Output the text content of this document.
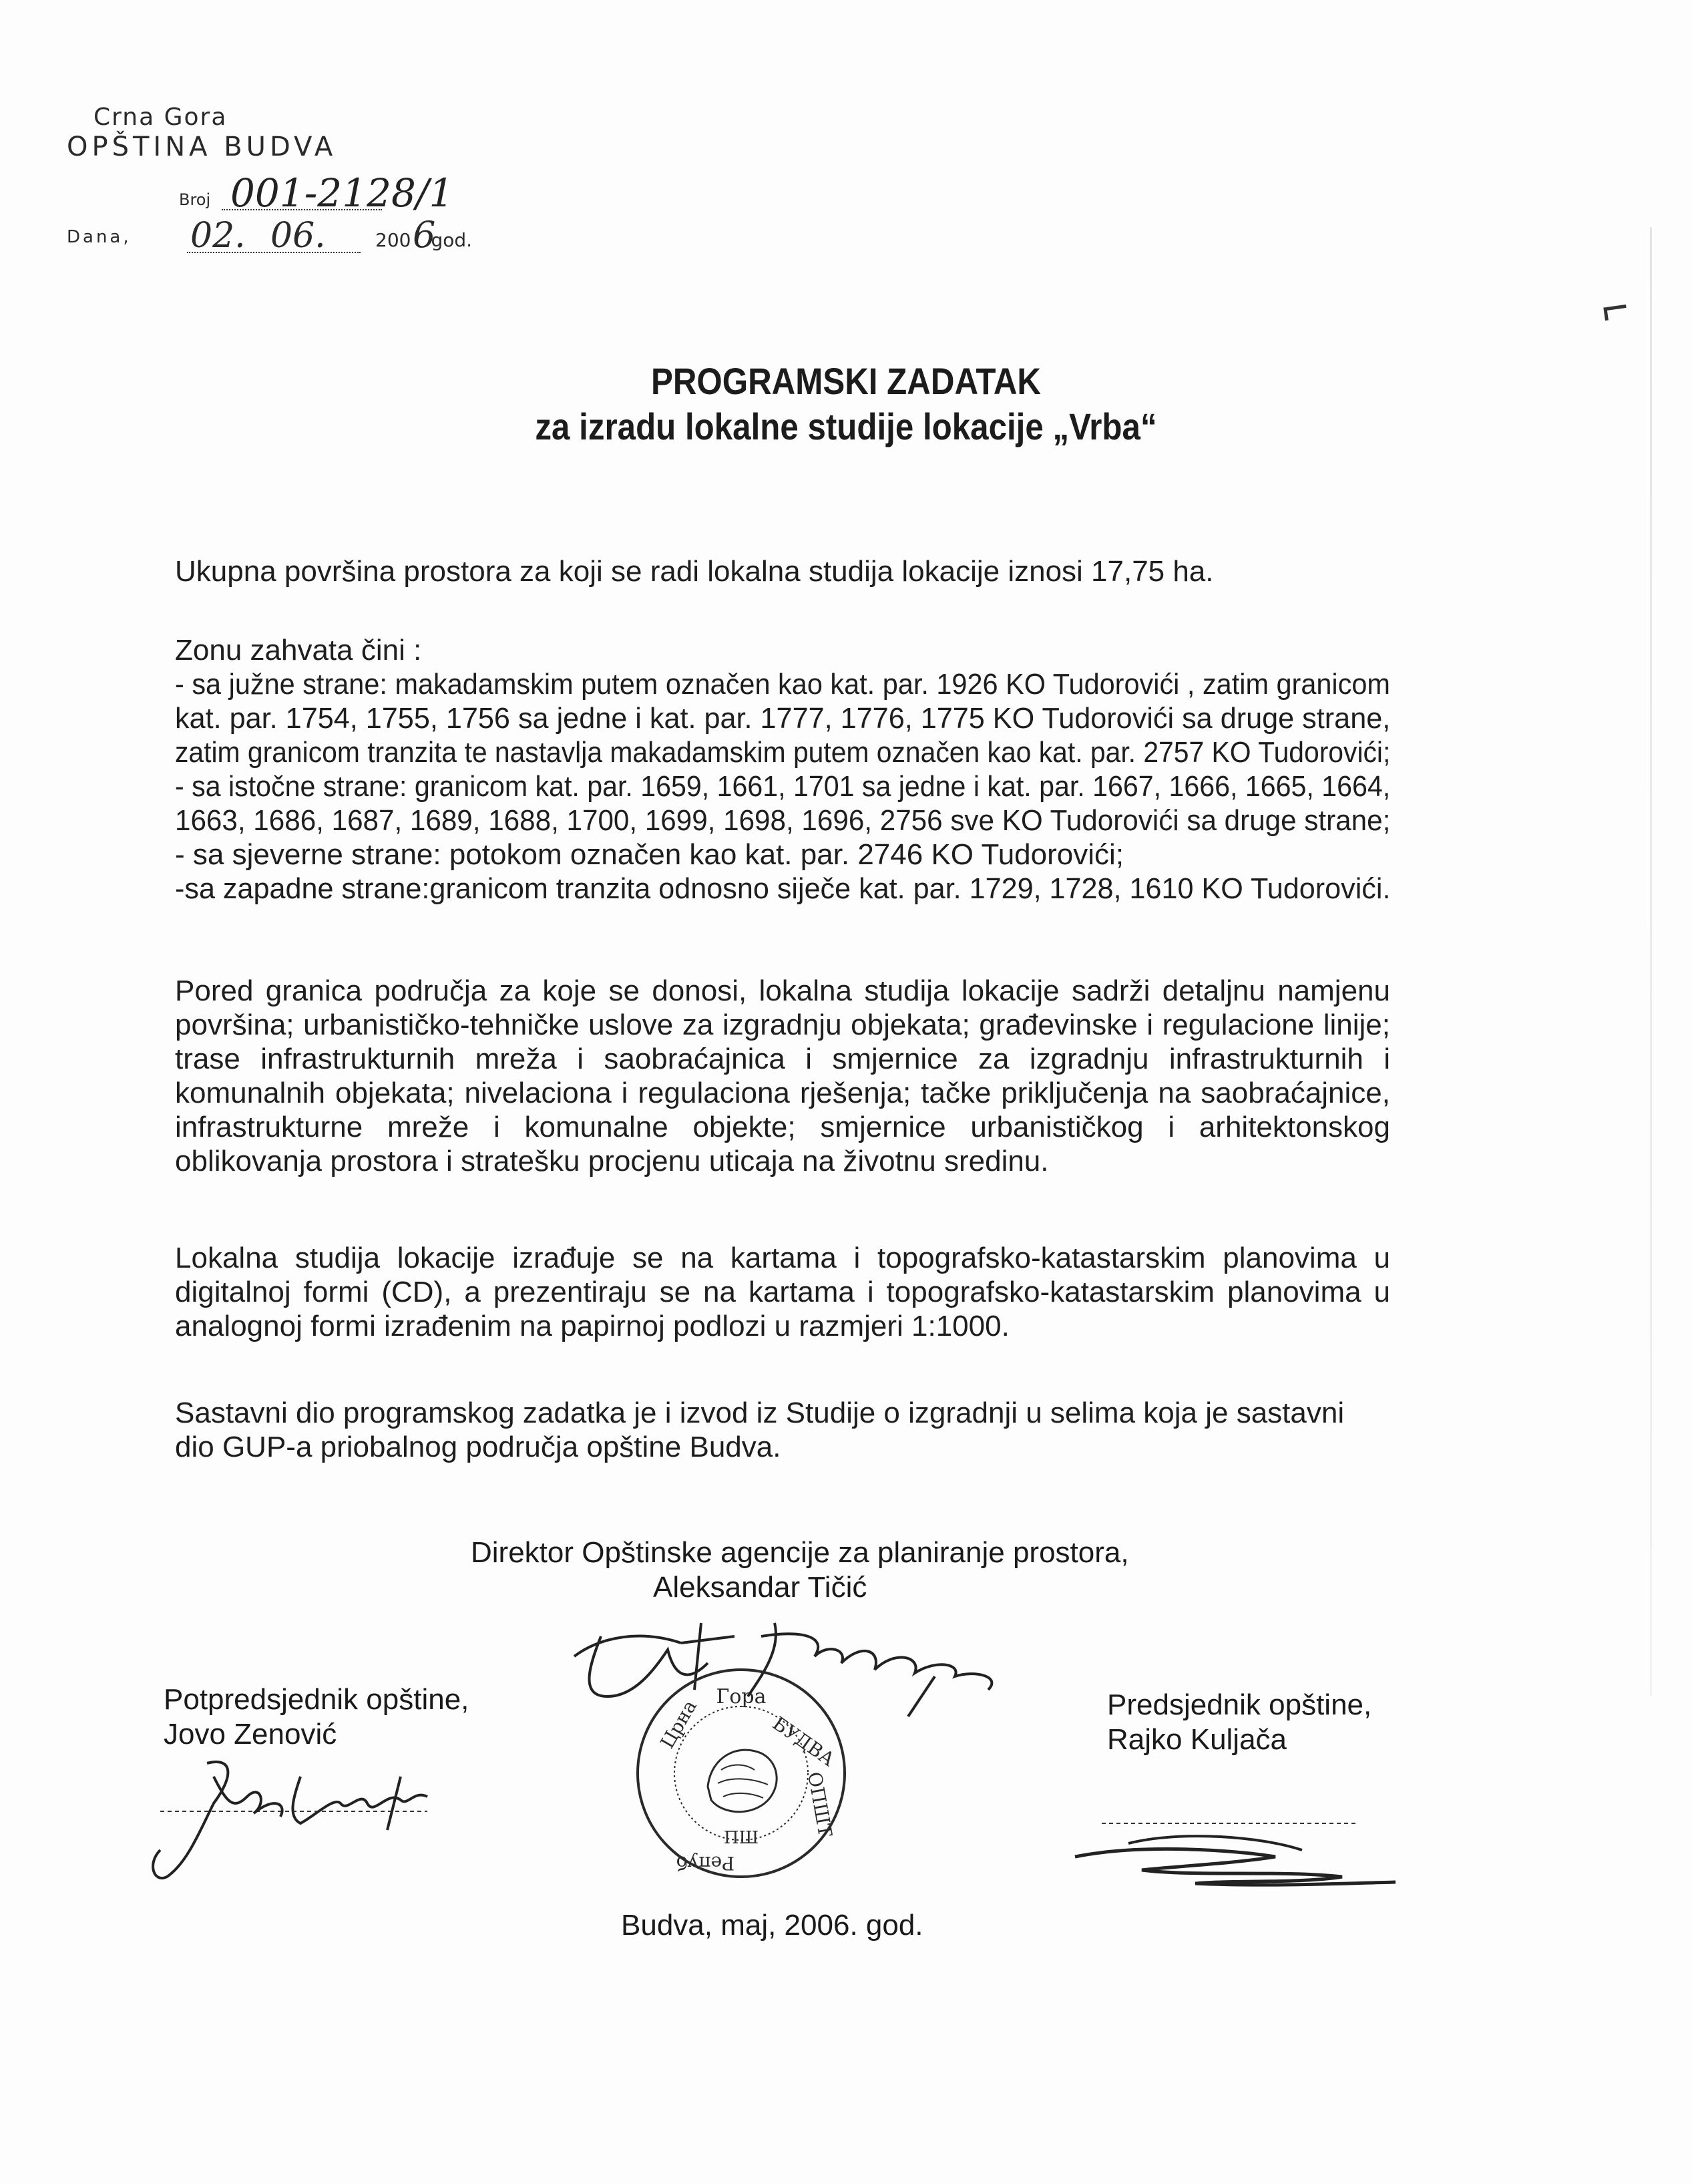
⌐
Crna Gora
OPŠTINA BUDVA
Broj 001-2128/1
Dana, 02. 06.	200 god.
6
PROGRAMSKI ZADATAK
za izradu lokalne studije lokacije „Vrba“
Ukupna površina prostora za koji se radi lokalna studija lokacije iznosi 17,75 ha.
Zonu zahvata čini :
- sa južne strane: makadamskim putem označen kao kat. par. 1926 KO Tudorovići , zatim granicom
kat. par. 1754, 1755, 1756 sa jedne i kat. par. 1777, 1776, 1775 KO Tudorovići sa druge strane,
zatim granicom tranzita te nastavlja makadamskim putem označen kao kat. par. 2757 KO Tudorovići;
- sa istočne strane: granicom kat. par. 1659, 1661, 1701 sa jedne i kat. par. 1667, 1666, 1665, 1664,
1663, 1686, 1687, 1689, 1688, 1700, 1699, 1698, 1696, 2756 sve KO Tudorovići sa druge strane;
- sa sjeverne strane: potokom označen kao kat. par. 2746 KO Tudorovići;
-sa zapadne strane:granicom tranzita odnosno siječe kat. par. 1729, 1728, 1610 KO Tudorovići.
Pored granica područja za koje se donosi, lokalna studija lokacije sadrži detaljnu namjenu površina; urbanističko-tehničke uslove za izgradnju objekata; građevinske i regulacione linije; trase infrastrukturnih mreža i saobraćajnica i smjernice za izgradnju infrastrukturnih i komunalnih objekata; nivelaciona i regulaciona rješenja; tačke priključenja na saobraćajnice, infrastrukturne mreže i komunalne objekte; smjernice urbanističkog i arhitektonskog oblikovanja prostora i stratešku procjenu uticaja na životnu sredinu.
Lokalna studija lokacije izrađuje se na kartama i topografsko-katastarskim planovima u digitalnoj formi (CD), a prezentiraju se na kartama i topografsko-katastarskim planovima u analognoj formi izrađenim na papirnoj podlozi u razmjeri 1:1000.
Sastavni dio programskog zadatka je i izvod iz Studije o izgradnji u selima koja je sastavni dio GUP-a priobalnog područja opštine Budva.
Direktor Opštinske agencije za planiranje prostora,
Aleksandar Tičić
Potpredsjednik opštine,
Jovo Zenović
Predsjednik opštine,
Rajko Kuljača
Гора
Црна	БУДВА
ОПШТ
Репуб
ПШ
Budva, maj, 2006. god.
